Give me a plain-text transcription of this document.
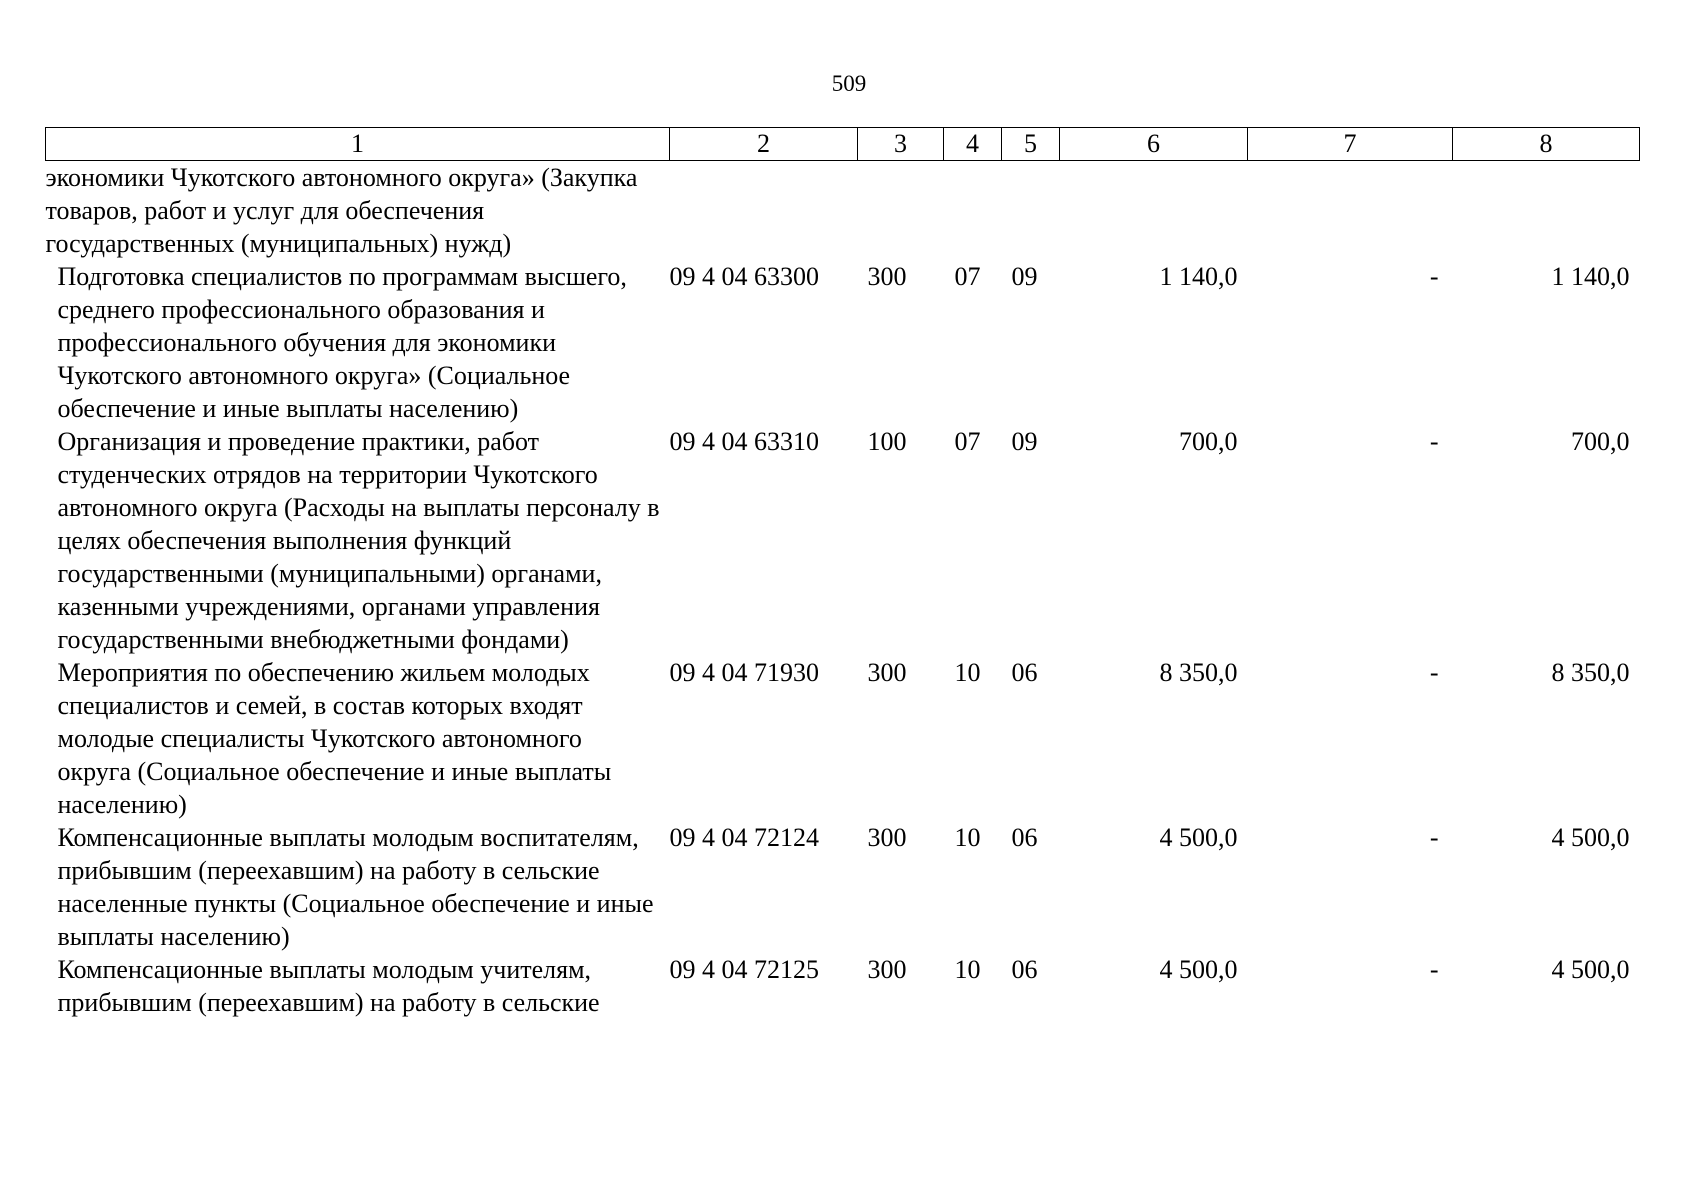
509
1	2	3	4	5	6	7	8
экономики Чукотского автономного округа» (Закупка товаров, работ и услуг для обеспечения государственных (муниципальных) нужд)							
Подготовка специалистов по программам высшего, среднего профессионального образования и профессионального обучения для экономики Чукотского автономного округа» (Социальное обеспечение и иные выплаты населению)	09 4 04 63300	300	07	09	1 140,0	-	1 140,0
Организация и проведение практики, работ студенческих отрядов на территории Чукотского автономного округа (Расходы на выплаты персоналу в целях обеспечения выполнения функций государственными (муниципальными) органами, казенными учреждениями, органами управления государственными внебюджетными фондами)	09 4 04 63310	100	07	09	700,0	-	700,0
Мероприятия по обеспечению жильем молодых специалистов и семей, в состав которых входят молодые специалисты Чукотского автономного округа (Социальное обеспечение и иные выплаты населению)	09 4 04 71930	300	10	06	8 350,0	-	8 350,0
Компенсационные выплаты молодым воспитателям, прибывшим (переехавшим) на работу в сельские населенные пункты (Социальное обеспечение и иные выплаты населению)	09 4 04 72124	300	10	06	4 500,0	-	4 500,0
Компенсационные выплаты молодым учителям, прибывшим (переехавшим) на работу в сельские	09 4 04 72125	300	10	06	4 500,0	-	4 500,0
